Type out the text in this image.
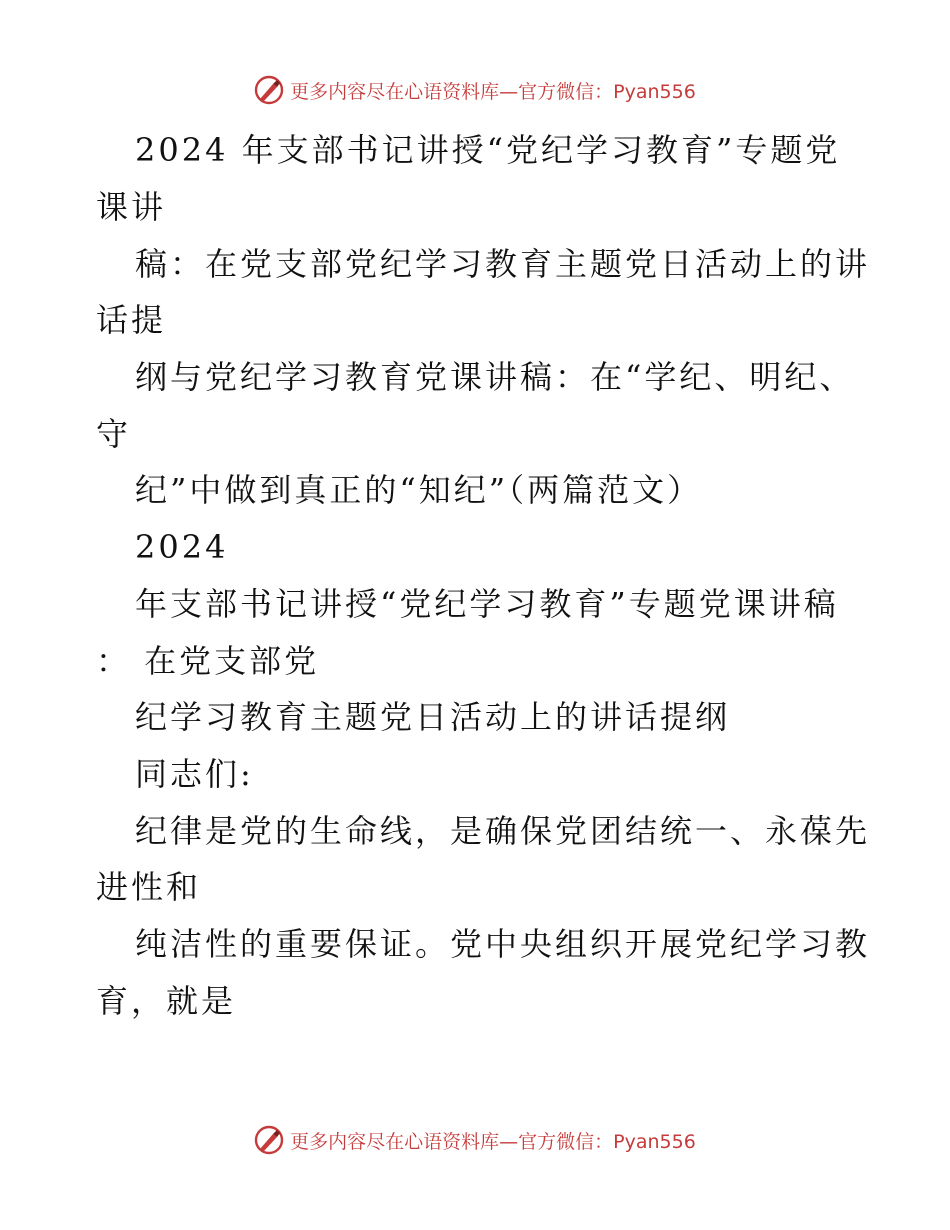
更多内容尽在心语资料库—官方微信：Pyan556
2024 年支部书记讲授“党纪学习教育”专题党
课讲
稿：在党支部党纪学习教育主题党日活动上的讲
话提
纲与党纪学习教育党课讲稿：在“学纪、明纪、
守
纪”中做到真正的“知纪”（两篇范文）
2024
年支部书记讲授“党纪学习教育”专题党课讲稿
： 在党支部党
纪学习教育主题党日活动上的讲话提纲
同志们:
纪律是党的生命线，是确保党团结统一、永葆先
进性和
纯洁性的重要保证。党中央组织开展党纪学习教
育，就是
更多内容尽在心语资料库—官方微信：Pyan556
